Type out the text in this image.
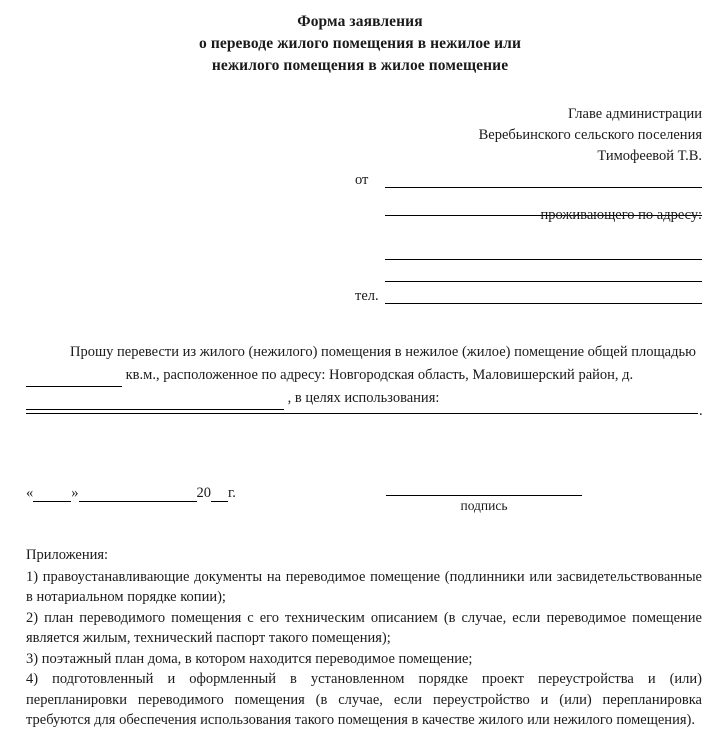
Форма заявления
о переводе жилого помещения в нежилое или
нежилого помещения в жилое помещение
Главе администрации
Веребьинского сельского поселения
Тимофеевой Т.В.
от
проживающего по адресу:
тел.
Прошу перевести из жилого (нежилого) помещения в нежилое (жилое) помещение общей площадью  кв.м., расположенное по адресу: Новгородская область, Маловишерский район, д.  , в целях использования:
.
«	»	20 г.
подпись
Приложения:
1) правоустанавливающие документы на переводимое помещение (подлинники или засвидетельствованные в нотариальном порядке копии);
2) план переводимого помещения с его техническим описанием (в случае, если переводимое помещение является жилым, технический паспорт такого помещения);
3) поэтажный план дома, в котором находится переводимое помещение;
4) подготовленный и оформленный в установленном порядке проект переустройства и (или) перепланировки переводимого помещения (в случае, если переустройство и (или) перепланировка требуются для обеспечения использования такого помещения в качестве жилого или нежилого помещения).
